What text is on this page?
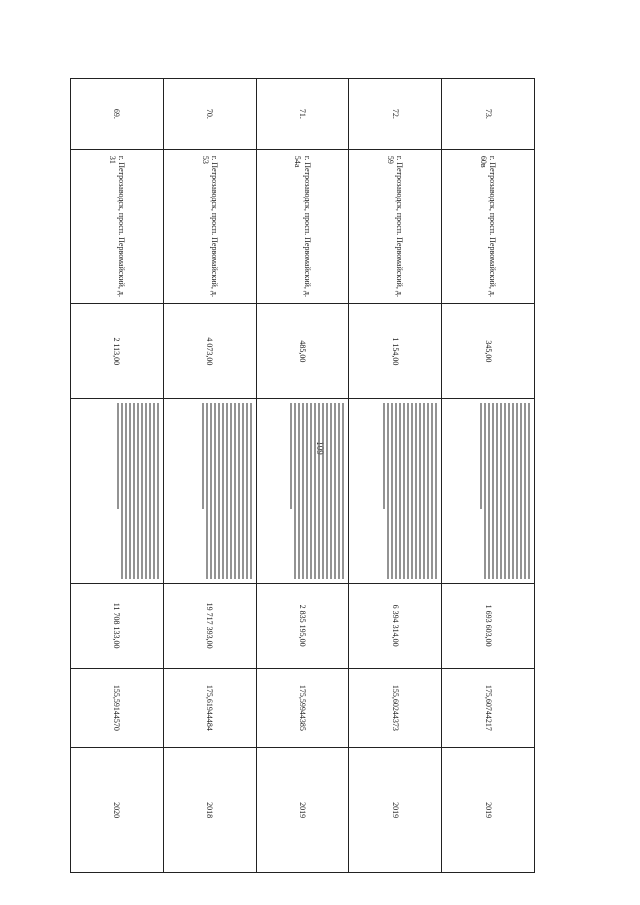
69.
г. Петрозаводск, просп. Первомайский, д. 31
2 113,00
11 708 133,00
155,59144570
2020
70.
г. Петрозаводск, просп. Первомайский, д. 53
4 073,00
19 717 393,00
175,61944484
2018
71.
г. Петрозаводск, просп. Первомайский, д. 54а
485,00
2 835 195,00
175,59944385
2019
72.
г. Петрозаводск, просп. Первомайский, д. 59
1 154,00
6 394 314,00
155,60244373
2019
73.
г. Петрозаводск, просп. Первомайский, д. 60в
345,00
1 693 603,00
175,60744217
2019
